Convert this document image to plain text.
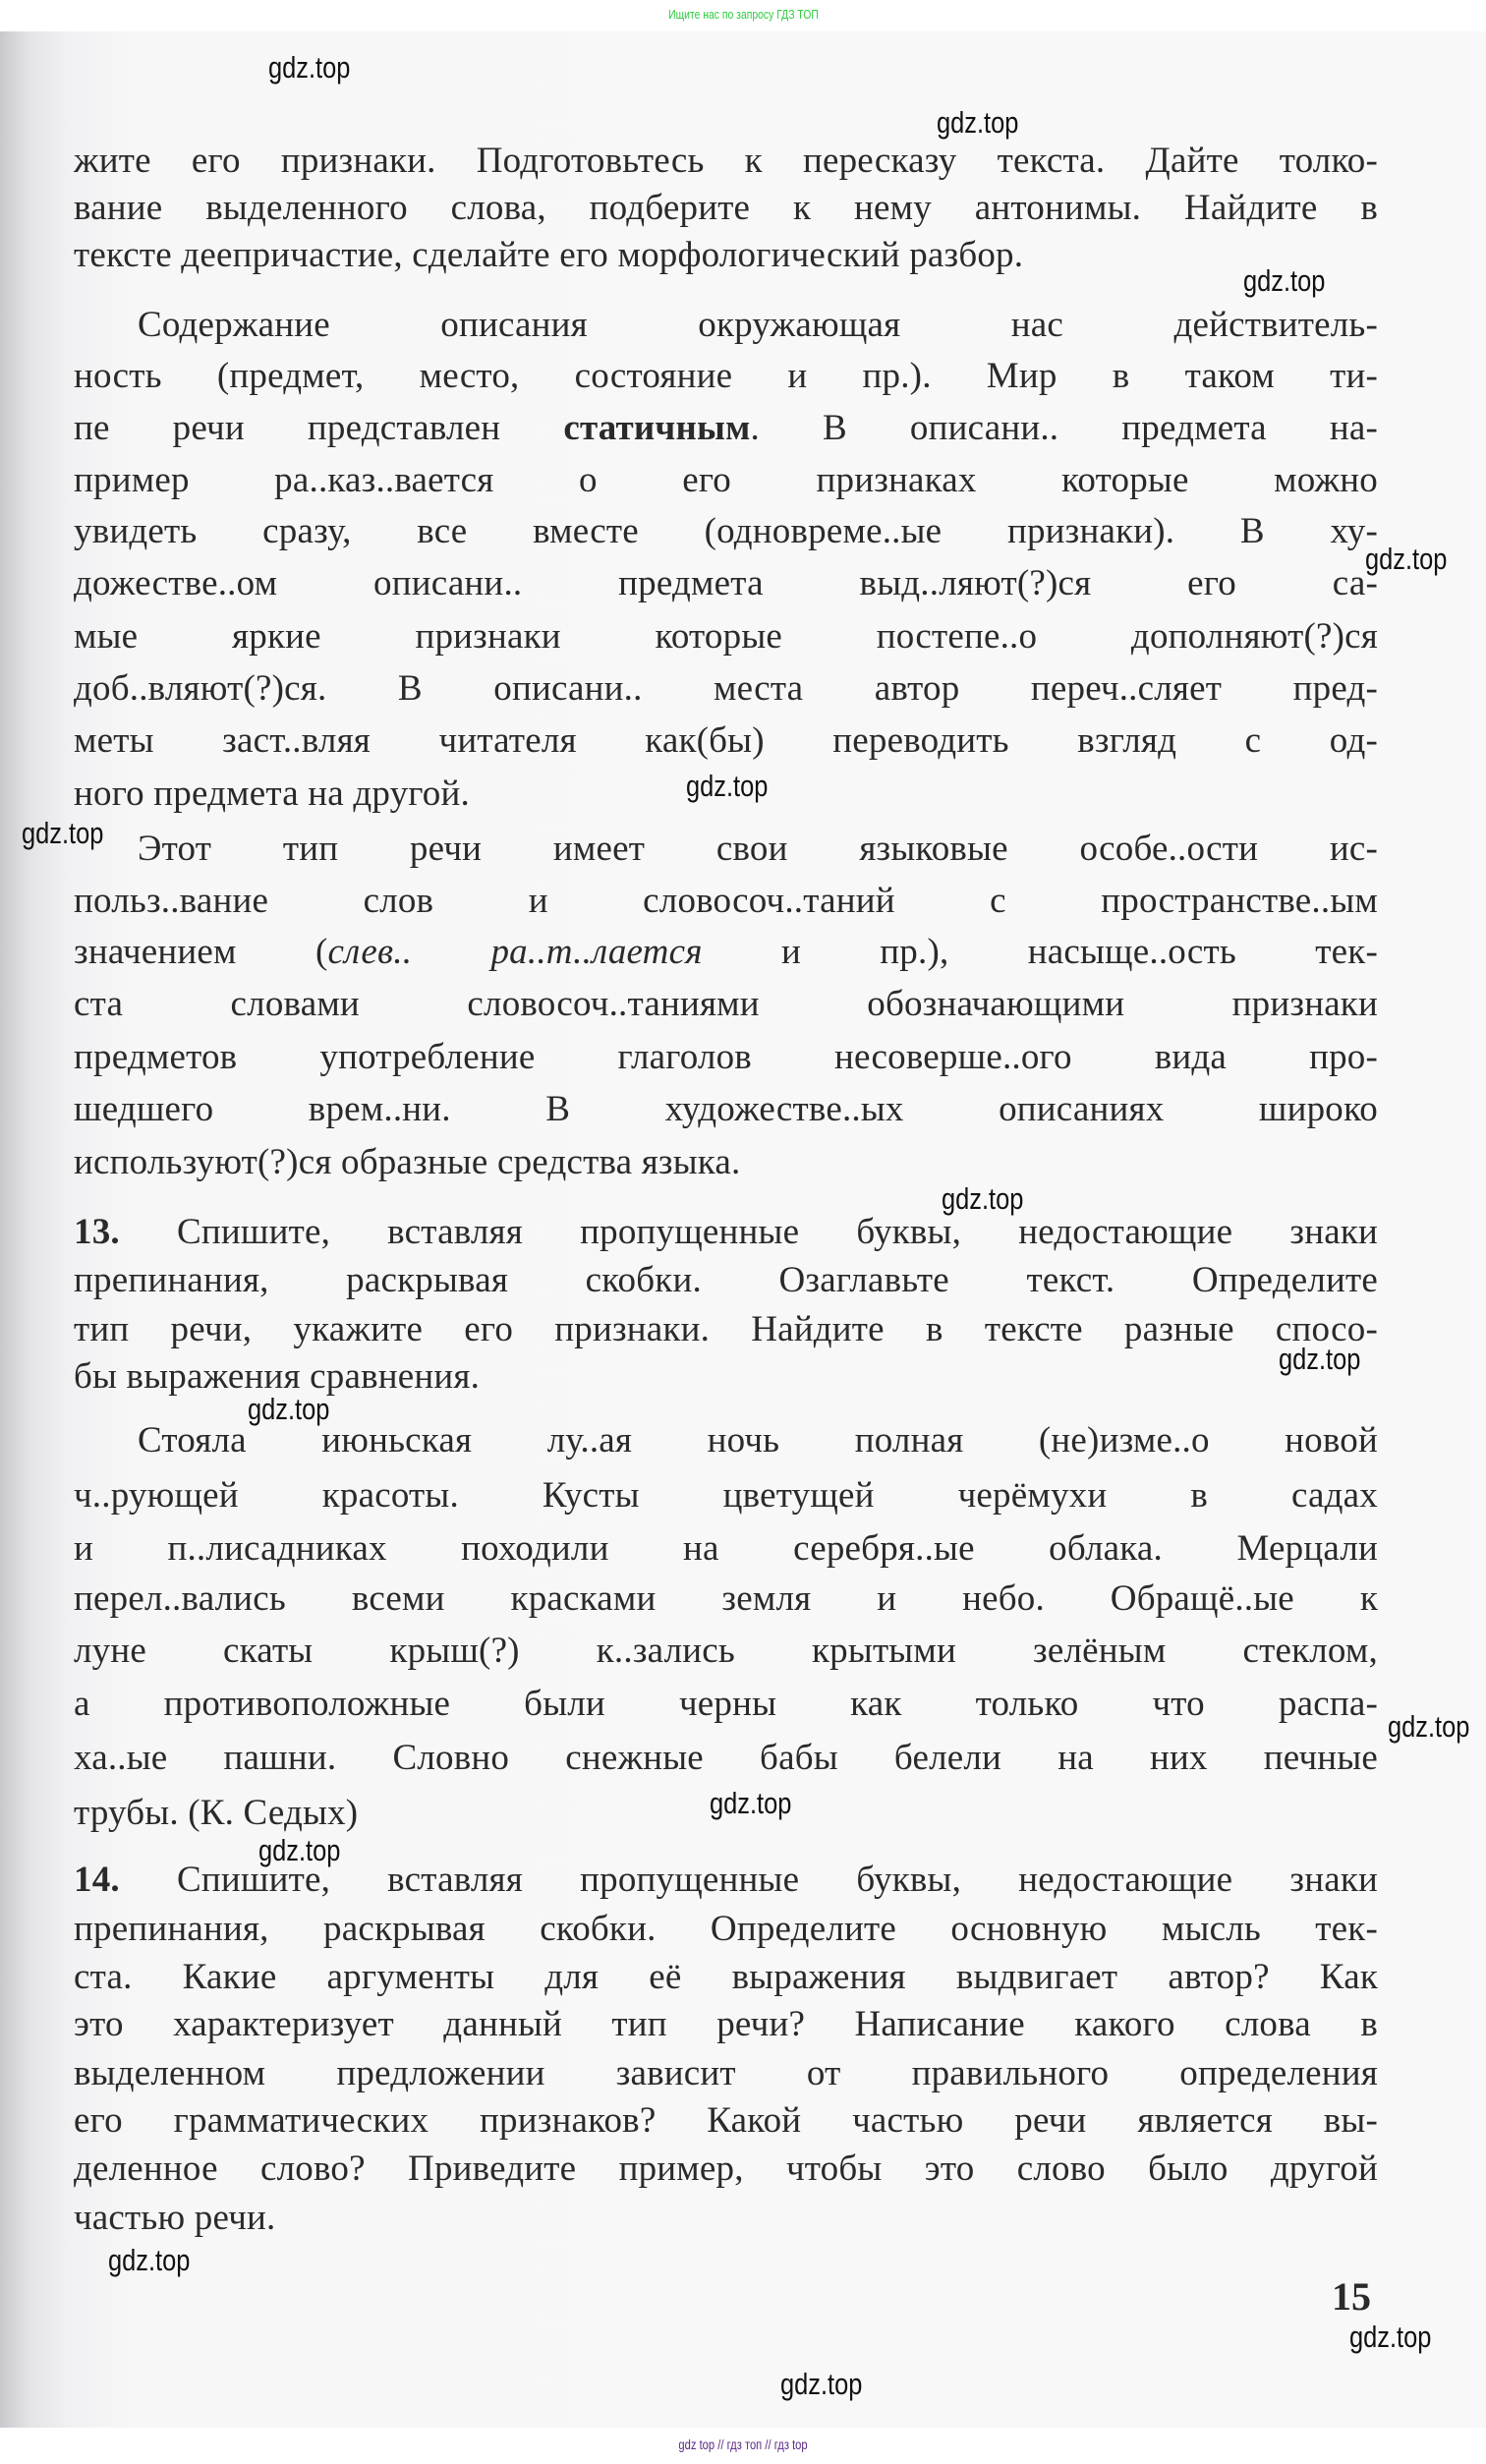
Ищите нас по запросу ГДЗ ТОП
жите его признаки. Подготовьтесь к пересказу текста. Дайте толко-
вание выделенного слова, подберите к нему антонимы. Найдите в
тексте деепричастие, сделайте его морфологический разбор.
Содержание описания окружающая нас действитель-
ность (предмет, место, состояние и пр.). Мир в таком ти-
пе речи представлен статичным. В описани.. предмета на-
пример ра..каз..вается о его признаках которые можно
увидеть сразу, все вместе (одновреме..ые признаки). В ху-
дожестве..ом описани.. предмета выд..ляют(?)ся его са-
мые яркие признаки которые постепе..о дополняют(?)ся
доб..вляют(?)ся. В описани.. места автор переч..сляет пред-
меты заст..вляя читателя как(бы) переводить взгляд с од-
ного предмета на другой.
Этот тип речи имеет свои языковые особе..ости ис-
польз..вание слов и словосоч..таний с пространстве..ым
значением (слев.. ра..т..лается и пр.), насыще..ость тек-
ста словами словосоч..таниями обозначающими признаки
предметов употребление глаголов несоверше..ого вида про-
шедшего врем..ни. В художестве..ых описаниях широко
используют(?)ся образные средства языка.
13. Спишите, вставляя пропущенные буквы, недостающие знаки
препинания, раскрывая скобки. Озаглавьте текст. Определите
тип речи, укажите его признаки. Найдите в тексте разные спосо-
бы выражения сравнения.
Стояла июньская лу..ая ночь полная (не)изме..о новой
ч..рующей красоты. Кусты цветущей черёмухи в садах
и п..лисадниках походили на серебря..ые облака. Мерцали
перел..вались всеми красками земля и небо. Обращё..ые к
луне скаты крыш(?) к..зались крытыми зелёным стеклом,
а противоположные были черны как только что распа-
ха..ые пашни. Словно снежные бабы белели на них печные
трубы. (К. Седых)
14. Спишите, вставляя пропущенные буквы, недостающие знаки
препинания, раскрывая скобки. Определите основную мысль тек-
ста. Какие аргументы для её выражения выдвигает автор? Как
это характеризует данный тип речи? Написание какого слова в
выделенном предложении зависит от правильного определения
его грамматических признаков? Какой частью речи является вы-
деленное слово? Приведите пример, чтобы это слово было другой
частью речи.
gdz.top
gdz.top
gdz.top
gdz.top
gdz.top
gdz.top
gdz.top
gdz.top
gdz.top
gdz.top
gdz.top
gdz.top
gdz.top
gdz.top
gdz.top
15
gdz top // гдз топ // гдз top
